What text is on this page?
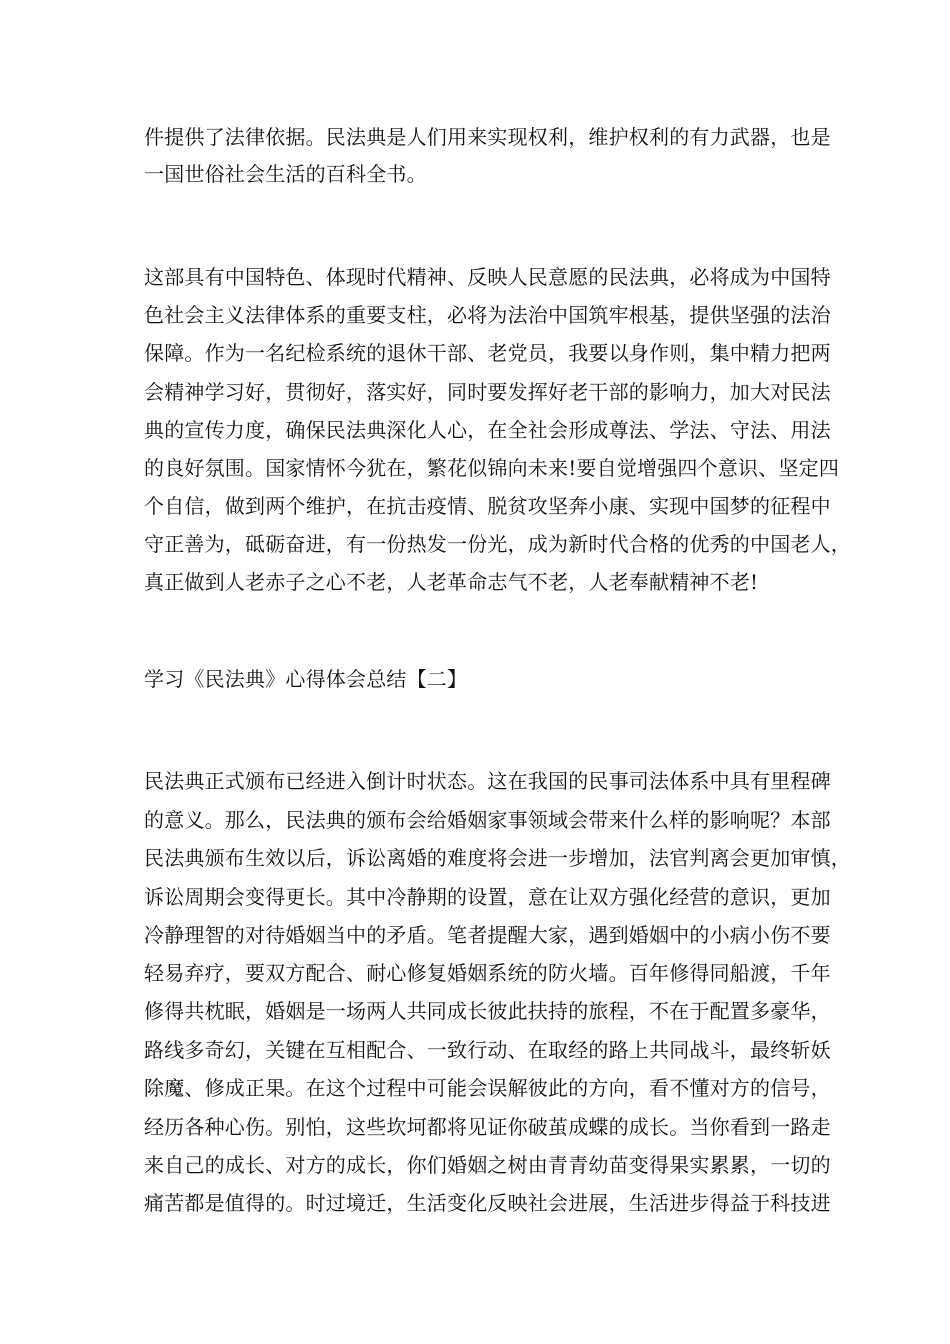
件提供了法律依据。民法典是人们用来实现权利，维护权利的有力武器，也是
一国世俗社会生活的百科全书。
这部具有中国特色、体现时代精神、反映人民意愿的民法典，必将成为中国特
色社会主义法律体系的重要支柱，必将为法治中国筑牢根基，提供坚强的法治
保障。作为一名纪检系统的退休干部、老党员，我要以身作则，集中精力把两
会精神学习好，贯彻好，落实好，同时要发挥好老干部的影响力，加大对民法
典的宣传力度，确保民法典深化人心，在全社会形成尊法、学法、守法、用法
的良好氛围。国家情怀今犹在，繁花似锦向未来!要自觉增强四个意识、坚定四
个自信，做到两个维护，在抗击疫情、脱贫攻坚奔小康、实现中国梦的征程中
守正善为，砥砺奋进，有一份热发一份光，成为新时代合格的优秀的中国老人，
真正做到人老赤子之心不老，人老革命志气不老，人老奉献精神不老!
学习《民法典》心得体会总结【二】
民法典正式颁布已经进入倒计时状态。这在我国的民事司法体系中具有里程碑
的意义。那么，民法典的颁布会给婚姻家事领域会带来什么样的影响呢？本部
民法典颁布生效以后，诉讼离婚的难度将会进一步增加，法官判离会更加审慎，
诉讼周期会变得更长。其中冷静期的设置，意在让双方强化经营的意识，更加
冷静理智的对待婚姻当中的矛盾。笔者提醒大家，遇到婚姻中的小病小伤不要
轻易弃疗，要双方配合、耐心修复婚姻系统的防火墙。百年修得同船渡，千年
修得共枕眠，婚姻是一场两人共同成长彼此扶持的旅程，不在于配置多豪华，
路线多奇幻，关键在互相配合、一致行动、在取经的路上共同战斗，最终斩妖
除魔、修成正果。在这个过程中可能会误解彼此的方向，看不懂对方的信号，
经历各种心伤。别怕，这些坎坷都将见证你破茧成蝶的成长。当你看到一路走
来自己的成长、对方的成长，你们婚姻之树由青青幼苗变得果实累累，一切的
痛苦都是值得的。时过境迁，生活变化反映社会进展，生活进步得益于科技进
